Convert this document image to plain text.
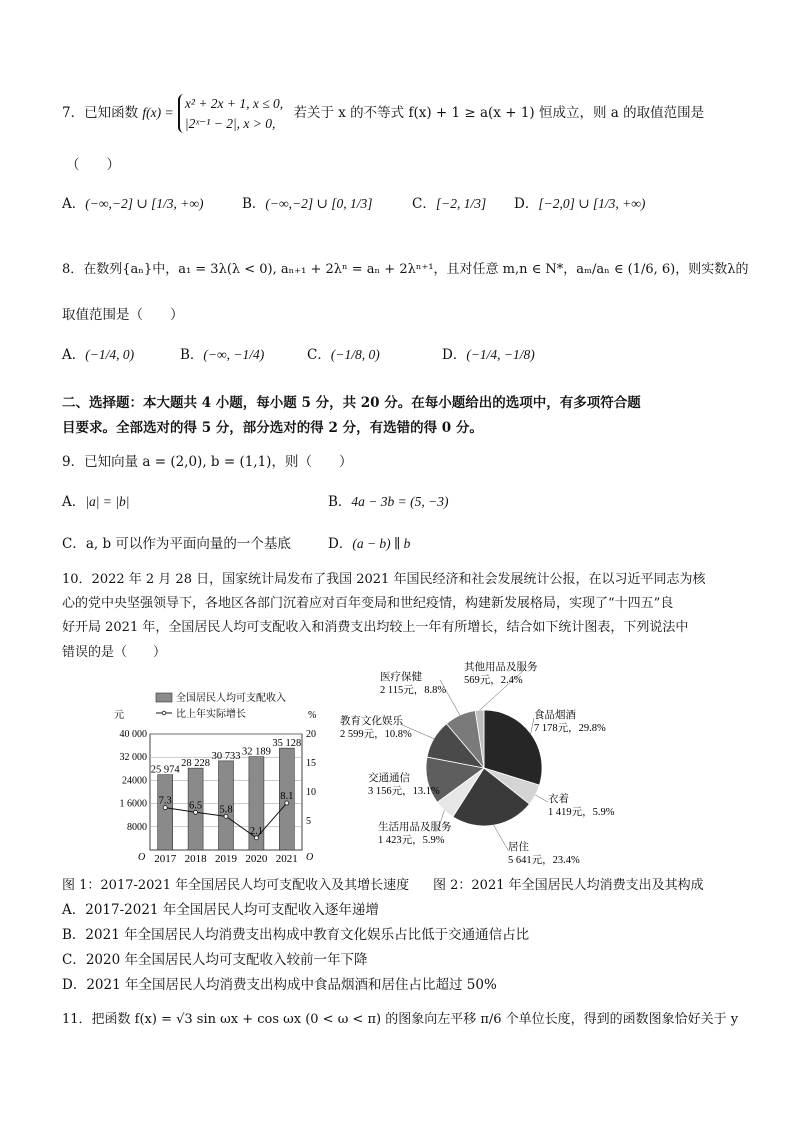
7．已知函数 f(x) =
x² + 2x + 1, x ≤ 0,
|2ˣ⁻¹ − 2|, x > 0,
若关于 x 的不等式 f(x) + 1 ≥ a(x + 1) 恒成立，则 a 的取值范围是
（　　）
A．(−∞,−2] ∪ [1/3, +∞)	B．(−∞,−2] ∪ [0, 1/3]	C．[−2, 1/3] D．[−2,0] ∪ [1/3, +∞)
8．在数列{aₙ}中，a₁ = 3λ(λ < 0), aₙ₊₁ + 2λⁿ = aₙ + 2λⁿ⁺¹，且对任意 m,n ∈ N*，aₘ/aₙ ∈ (1/6, 6)，则实数λ的
取值范围是（　　）
A．(−1/4, 0)	B．(−∞, −1/4)	C．(−1/8, 0)	D．(−1/4, −1/8)
二、选择题：本大题共 4 小题，每小题 5 分，共 20 分。在每小题给出的选项中，有多项符合题
目要求。全部选对的得 5 分，部分选对的得 2 分，有选错的得 0 分。
9．已知向量 a = (2,0), b = (1,1)，则（　　）
A．|a| = |b|	B．4a − 3b = (5, −3)
C．a, b 可以作为平面向量的一个基底	D．(a − b) ∥ b
10．2022 年 2 月 28 日，国家统计局发布了我国 2021 年国民经济和社会发展统计公报，在以习近平同志为核
心的党中央坚强领导下，各地区各部门沉着应对百年变局和世纪疫情，构建新发展格局，实现了“十四五”良
好开局 2021 年，全国居民人均可支配收入和消费支出均较上一年有所增长，结合如下统计图表，下列说法中
错误的是（　　）
全国居民人均可支配收入
比上年实际增长
元	%
8000
1 6000
24000
32 000
40 000
5
10
15
20
25 974
2017
28 228
2018
30 733
2019
32 189
2020
35 128
2021
7.3 6.5 5.8
2.1
8.1
O	O
食品烟酒
7 178元，29.8%
衣着
1 419元，5.9%
居住
5 641元，23.4%
生活用品及服务
1 423元，5.9%
交通通信
3 156元，13.1%
教育文化娱乐
2 599元，10.8%
医疗保健
2 115元，8.8%
其他用品及服务
569元，2.4%
图 1：2017-2021 年全国居民人均可支配收入及其增长速度 图 2：2021 年全国居民人均消费支出及其构成
A．2017-2021 年全国居民人均可支配收入逐年递增
B．2021 年全国居民人均消费支出构成中教育文化娱乐占比低于交通通信占比
C．2020 年全国居民人均可支配收入较前一年下降
D．2021 年全国居民人均消费支出构成中食品烟酒和居住占比超过 50%
11．把函数 f(x) = √3 sin ωx + cos ωx (0 < ω < π) 的图象向左平移 π/6 个单位长度，得到的函数图象恰好关于 y
